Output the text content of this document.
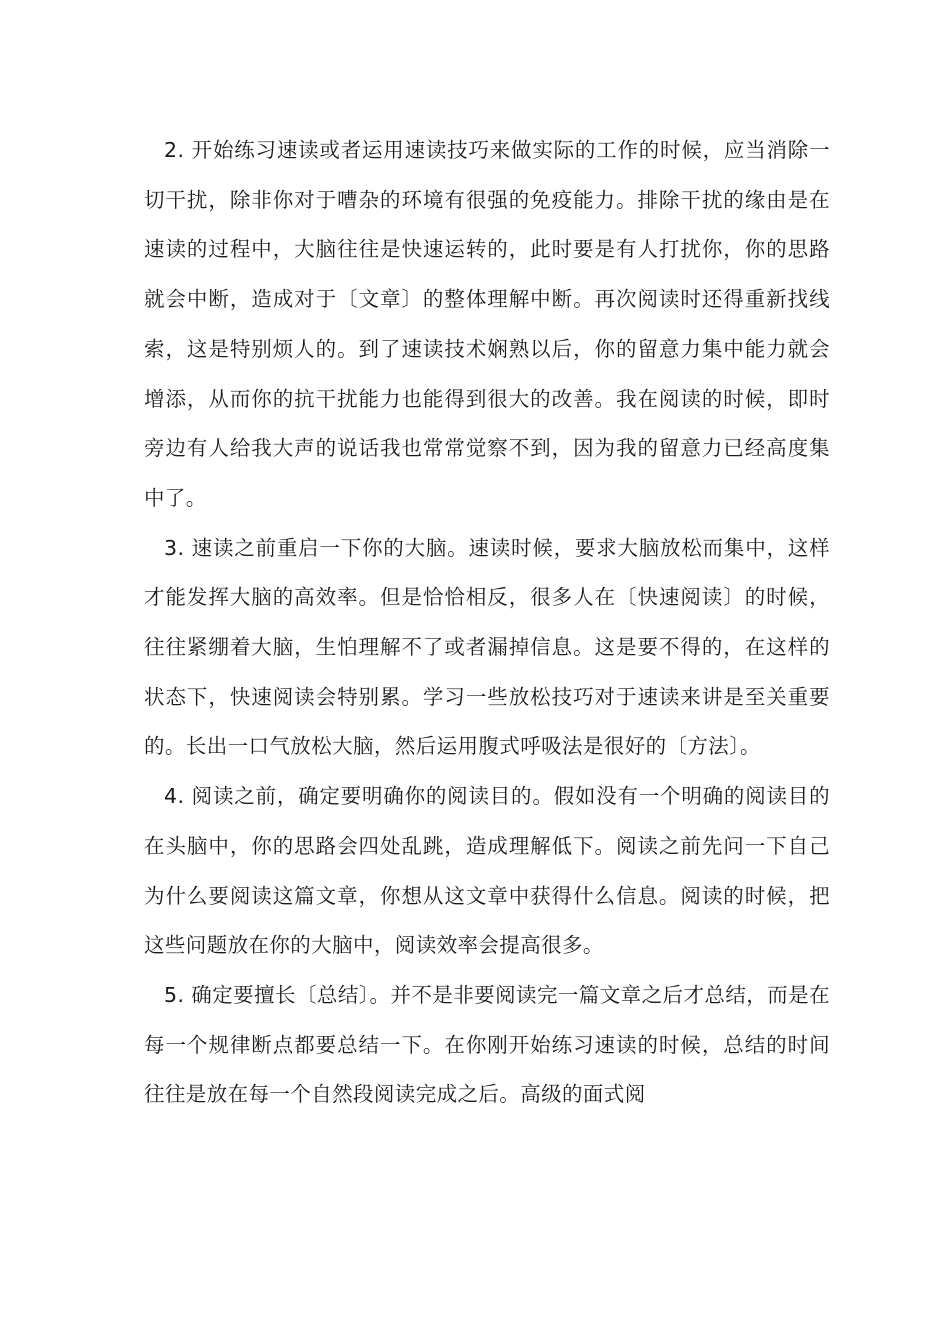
2. 开始练习速读或者运用速读技巧来做实际的工作的时候，应当消除一切干扰，除非你对于嘈杂的环境有很强的免疫能力。排除干扰的缘由是在速读的过程中，大脑往往是快速运转的，此时要是有人打扰你，你的思路就会中断，造成对于〔文章〕的整体理解中断。再次阅读时还得重新找线索，这是特别烦人的。到了速读技术娴熟以后，你的留意力集中能力就会增添，从而你的抗干扰能力也能得到很大的改善。我在阅读的时候，即时旁边有人给我大声的说话我也常常觉察不到，因为我的留意力已经高度集中了。

3. 速读之前重启一下你的大脑。速读时候，要求大脑放松而集中，这样才能发挥大脑的高效率。但是恰恰相反，很多人在〔快速阅读〕的时候，往往紧绷着大脑，生怕理解不了或者漏掉信息。这是要不得的，在这样的状态下，快速阅读会特别累。学习一些放松技巧对于速读来讲是至关重要的。长出一口气放松大脑，然后运用腹式呼吸法是很好的〔方法〕。

4. 阅读之前，确定要明确你的阅读目的。假如没有一个明确的阅读目的在头脑中，你的思路会四处乱跳，造成理解低下。阅读之前先问一下自己为什么要阅读这篇文章，你想从这文章中获得什么信息。阅读的时候，把这些问题放在你的大脑中，阅读效率会提高很多。

5. 确定要擅长〔总结〕。并不是非要阅读完一篇文章之后才总结，而是在每一个规律断点都要总结一下。在你刚开始练习速读的时候，总结的时间往往是放在每一个自然段阅读完成之后。高级的面式阅
